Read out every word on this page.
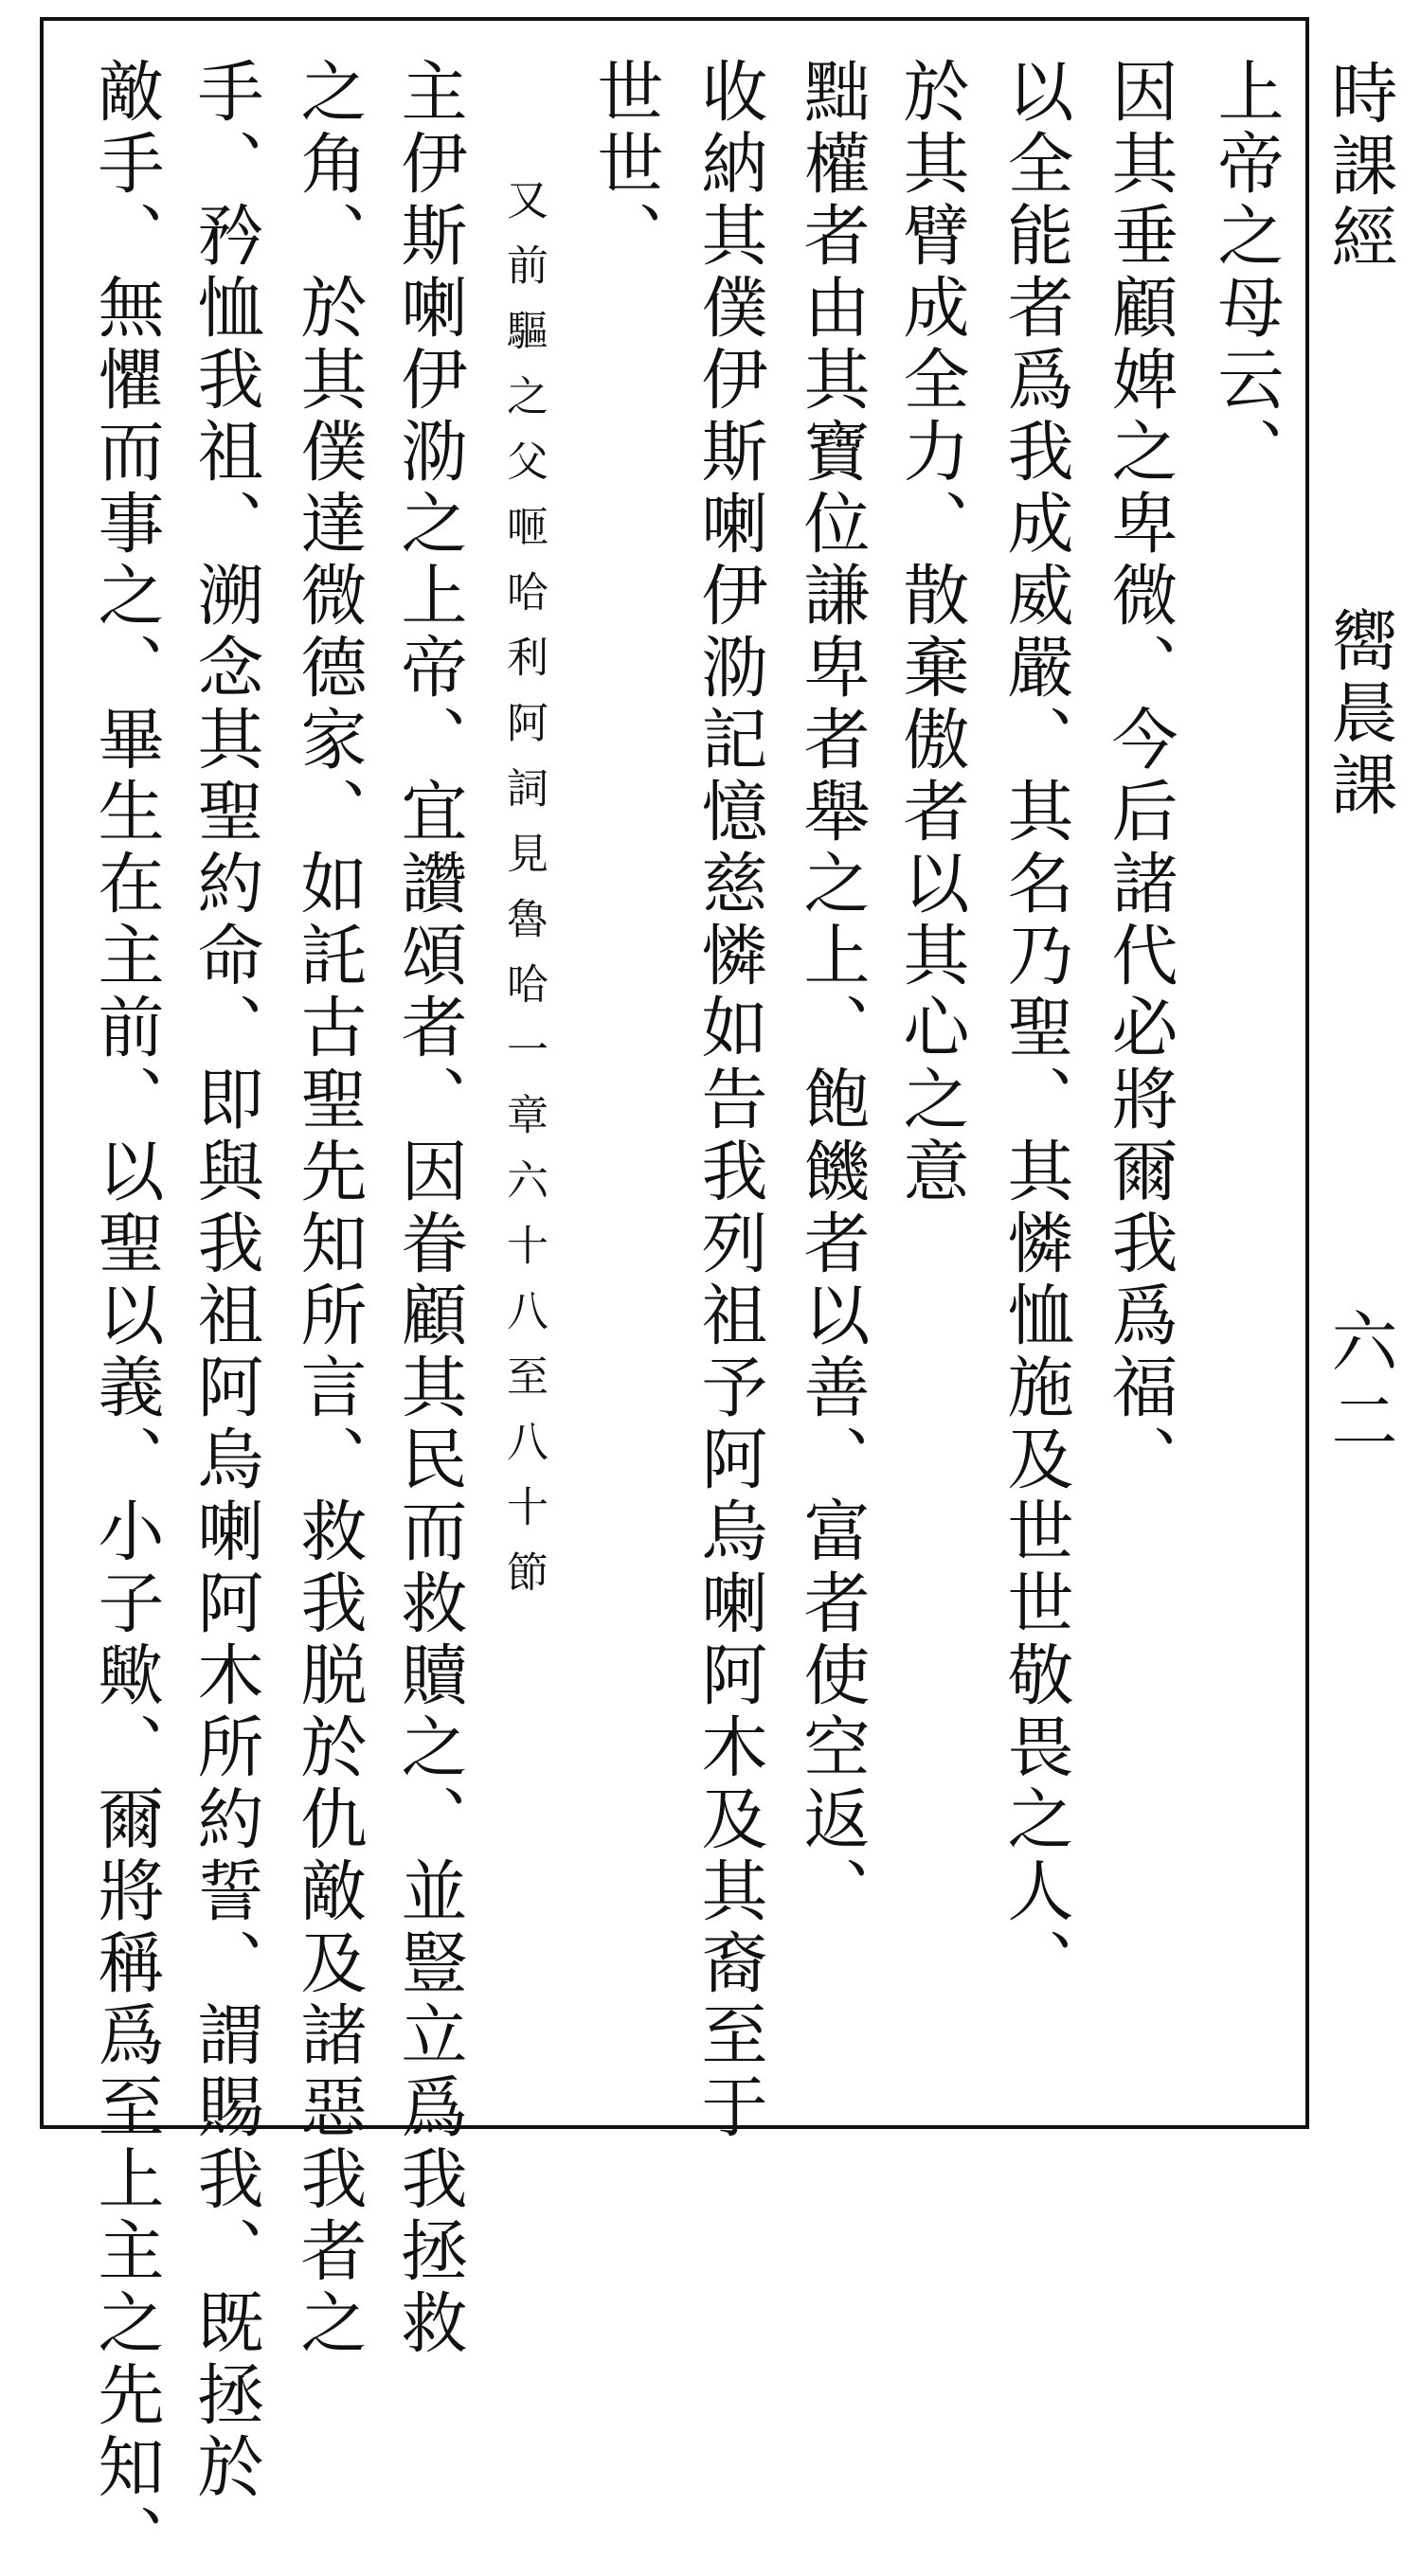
上帝之母云、
因其垂顧婢之卑微、今后諸代必將爾我爲福、
以全能者爲我成威嚴、其名乃聖、其憐恤施及世世敬畏之人、
於其臂成全力、散棄傲者以其心之意
黜權者由其寶位謙卑者舉之上、飽饑者以善、富者使空返、
收納其僕伊斯喇伊泐記憶慈憐如告我列祖予阿烏喇阿木及其裔至于
世世、
又前驅之父咂哈利阿詞見魯哈一章六十八至八十節
主伊斯喇伊泐之上帝、宜讚頌者、因眷顧其民而救贖之、並豎立爲我拯救
之角、於其僕達微德家、如託古聖先知所言、救我脱於仇敵及諸惡我者之
手、矜恤我祖、溯念其聖約命、即與我祖阿烏喇阿木所約誓、謂賜我、既拯於
敵手、無懼而事之、畢生在主前、以聖以義、小子歟、爾將稱爲至上主之先知、	時課經
嚮晨課
六二
